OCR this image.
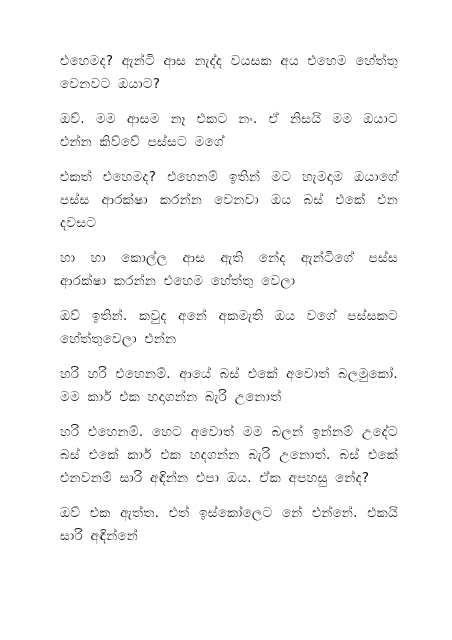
එහෙමද? ඇන්ටි ආස නැද්ද වයසක අය එහෙම හේත්තු වෙනවට ඔයාට?

ඔව්. මම ආසම නෑ එකට නං. ඒ නිසයි මම ඔයාට එන්න කිව්වේ පස්සට මගේ

එකත් එහෙමද? එහෙනම් ඉතින් මට හැමදාම ඔයාගේ පස්ස ආරක්ෂා කරන්න වෙනවා ඔය බස් එකේ එන දවසට

හා හා කොල්ල ආස ඇති නේද ඇන්ටිගේ පස්ස ආරක්ෂා කරන්න එහෙම හේත්තු වෙලා

ඔව් ඉතින්. කවුද අනේ අකමැති ඔය වගේ පස්සකට හේත්තුවෙලා එන්න

හරි හරි එහෙනම්. ආයේ බස් එකේ අවොත් බලමුකෝ. මම කාර් එක හදාගන්න බැරි උනොත්

හරි එහෙනම්. හෙට අවොත් මම බලන් ඉන්නම් උදේට බස් එකේ කාර් එක හදගන්න බැරි උනොත්. බස් එකේ එනවනම් සාරි අඳින්න එපා ඔය. ඒක අපහසු නේද?

ඔව් එක ඇත්ත. එත් ඉස්කෝලෙට නේ එන්නේ. එකයි සාරි අඳින්නේ
